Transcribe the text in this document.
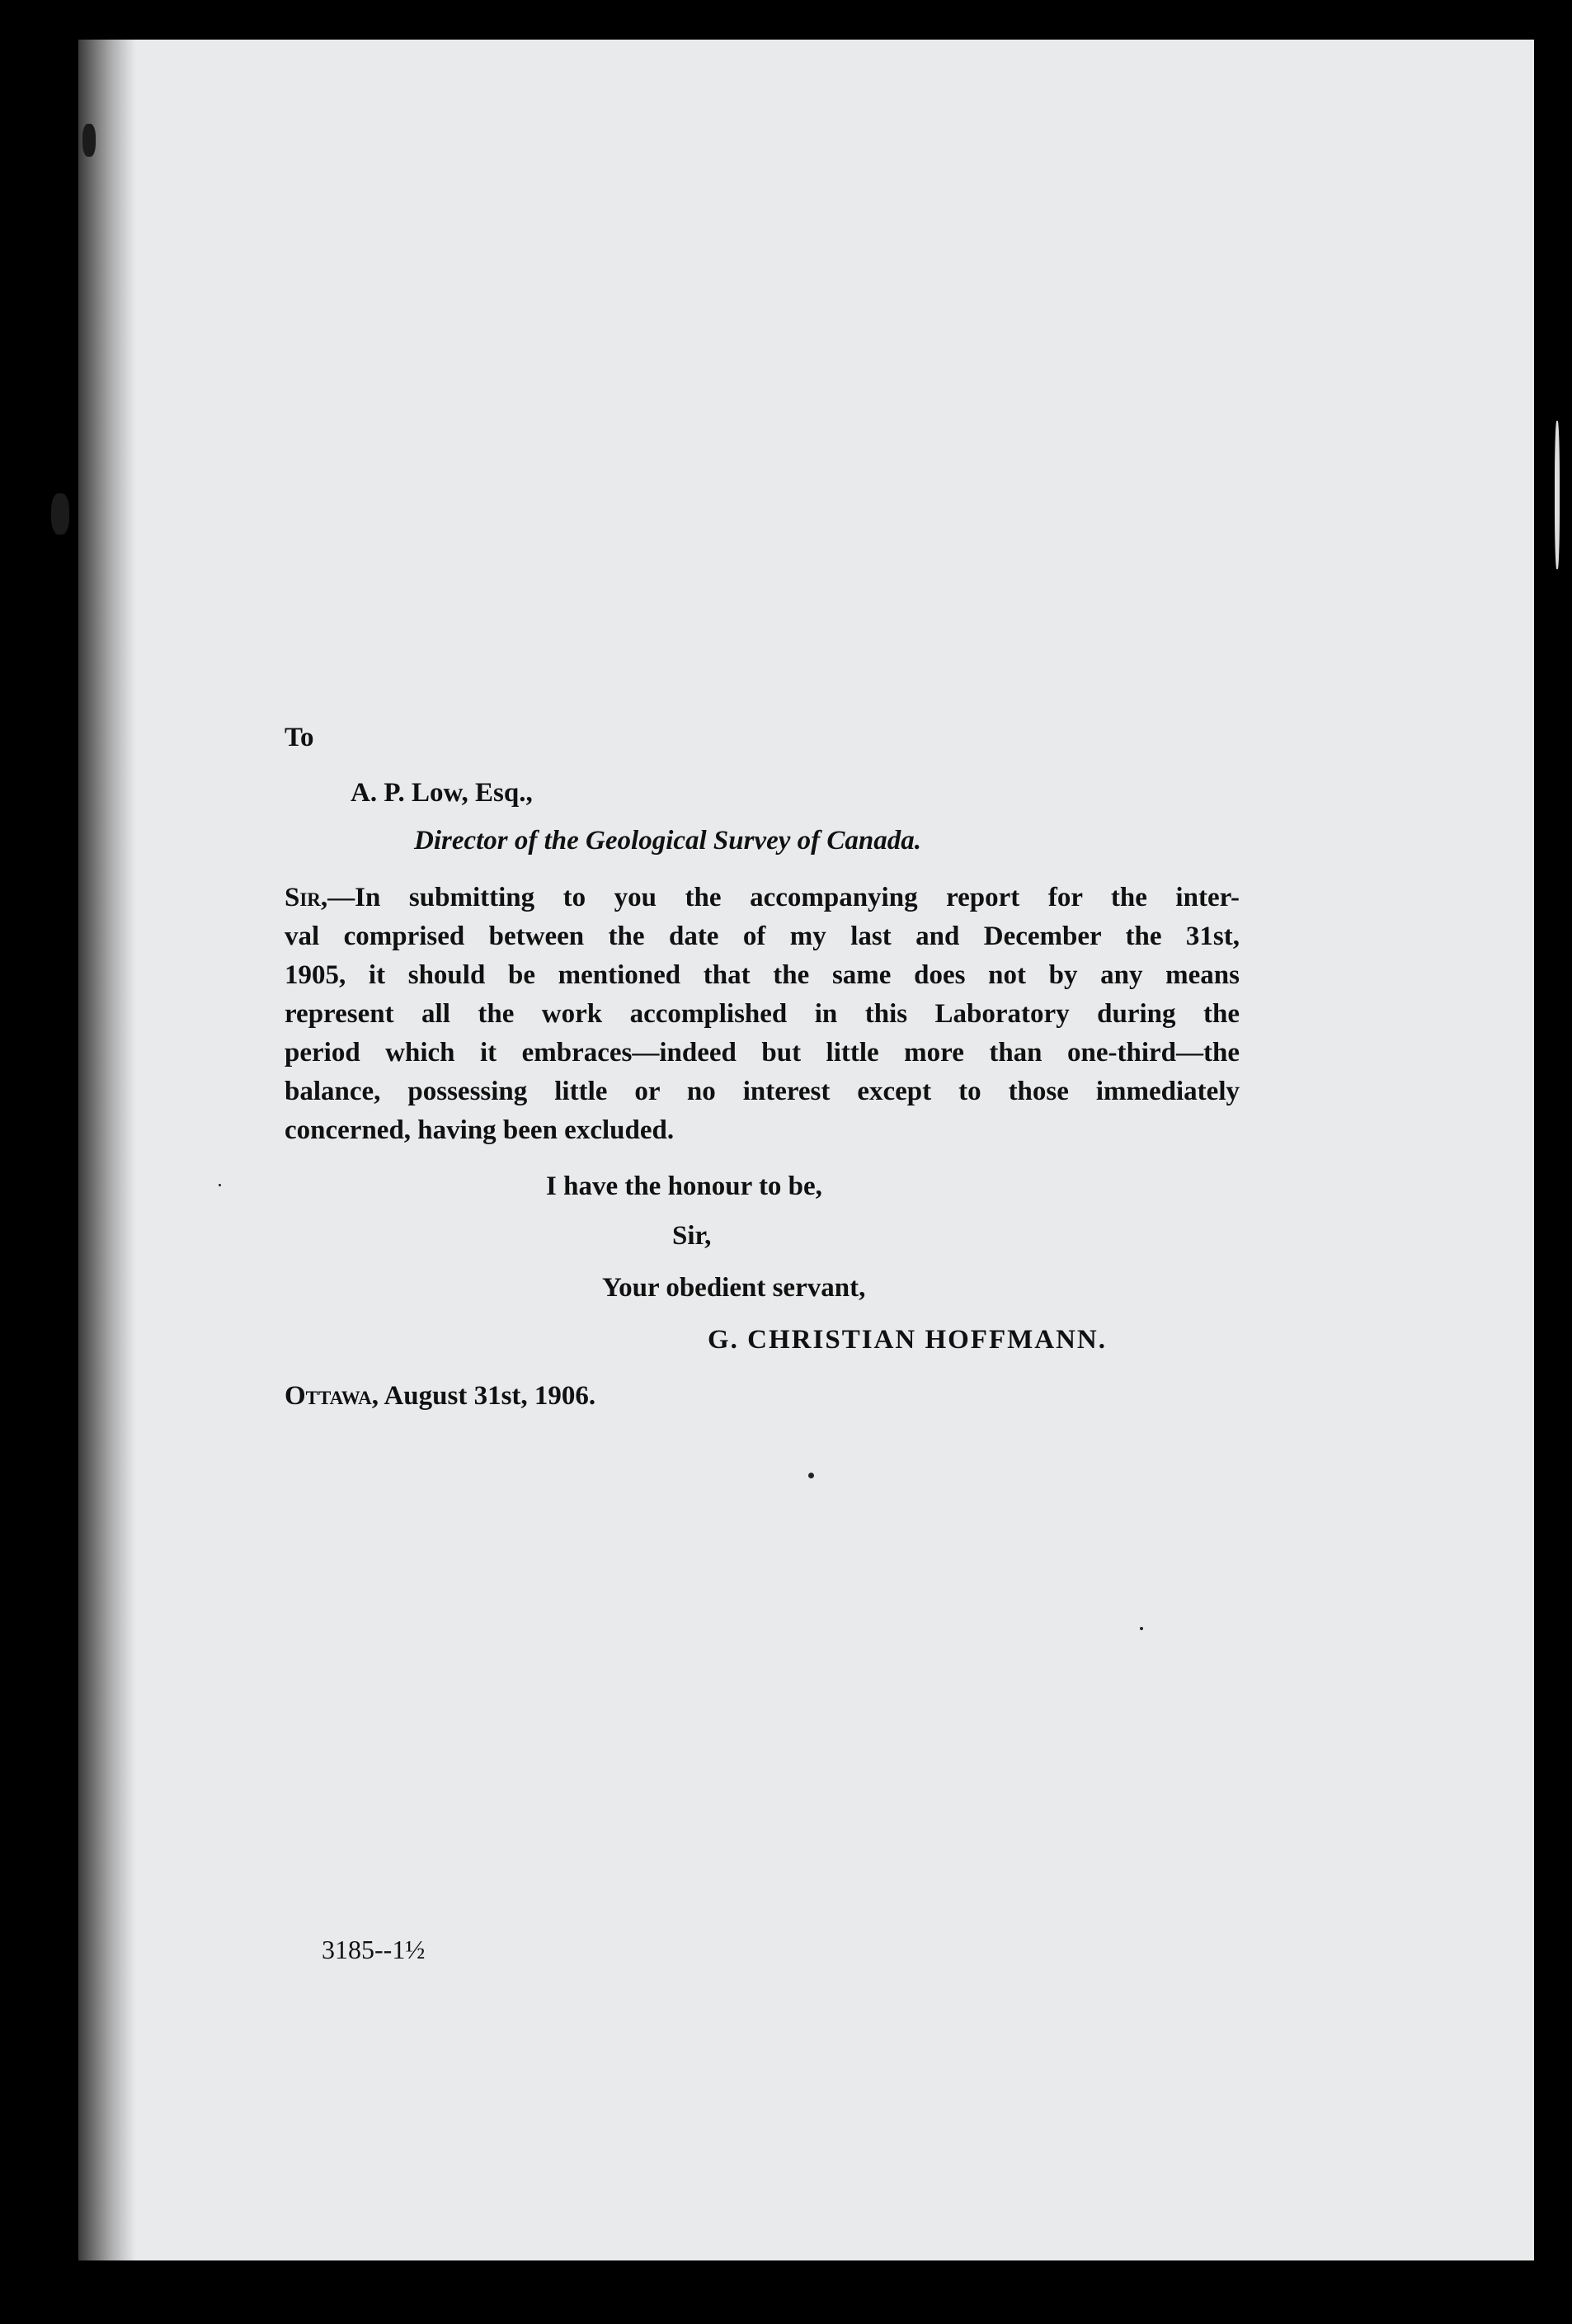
To
A. P. Low, Esq.,
Director of the Geological Survey of Canada.
Sir,—In submitting to you the accompanying report for the inter-
val comprised between the date of my last and December the 31st,
1905, it should be mentioned that the same does not by any means
represent all the work accomplished in this Laboratory during the
period which it embraces—indeed but little more than one-third—the
balance, possessing little or no interest except to those immediately
concerned, having been excluded.
I have the honour to be,
Sir,
Your obedient servant,
G. CHRISTIAN HOFFMANN.
Ottawa, August 31st, 1906.
3185--1½
